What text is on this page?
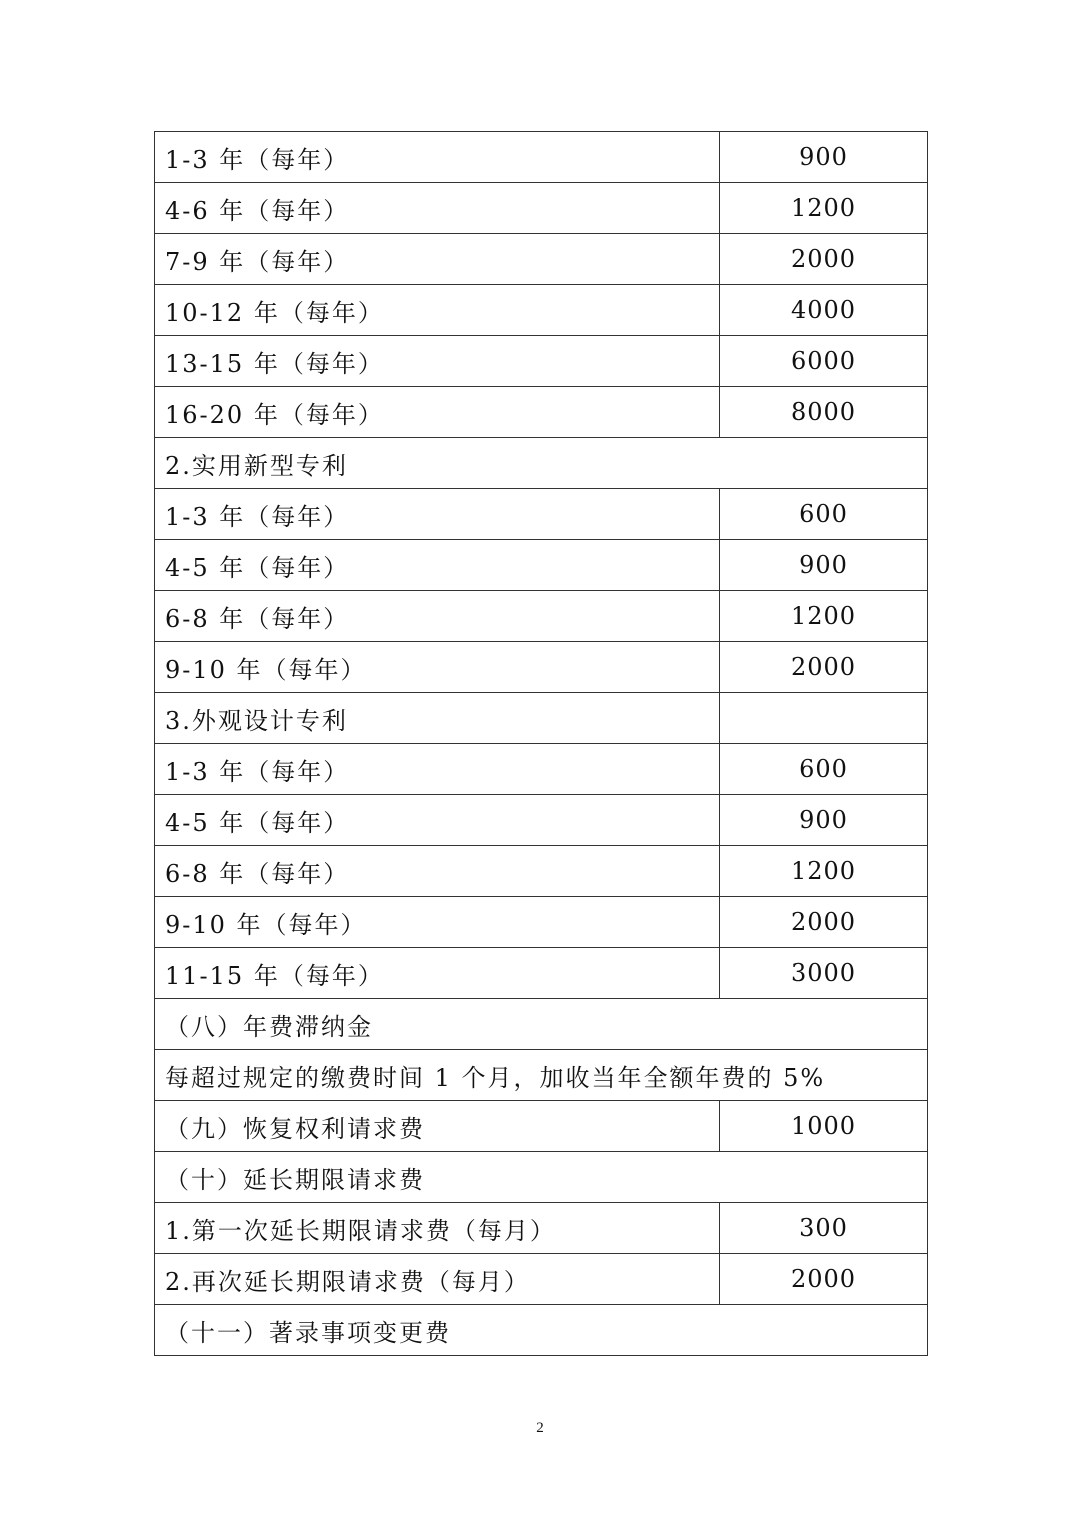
1-3 年（每年）	900
4-6 年（每年）	1200
7-9 年（每年）	2000
10-12 年（每年）	4000
13-15 年（每年）	6000
16-20 年（每年）	8000
2.实用新型专利	
1-3 年（每年）	600
4-5 年（每年）	900
6-8 年（每年）	1200
9-10 年（每年）	2000
3.外观设计专利	
1-3 年（每年）	600
4-5 年（每年）	900
6-8 年（每年）	1200
9-10 年（每年）	2000
11-15 年（每年）	3000
（八）年费滞纳金	
每超过规定的缴费时间 1 个月，加收当年全额年费的 5%	
（九）恢复权利请求费	1000
（十）延长期限请求费	
1.第一次延长期限请求费（每月）	300
2.再次延长期限请求费（每月）	2000
（十一）著录事项变更费	
2
